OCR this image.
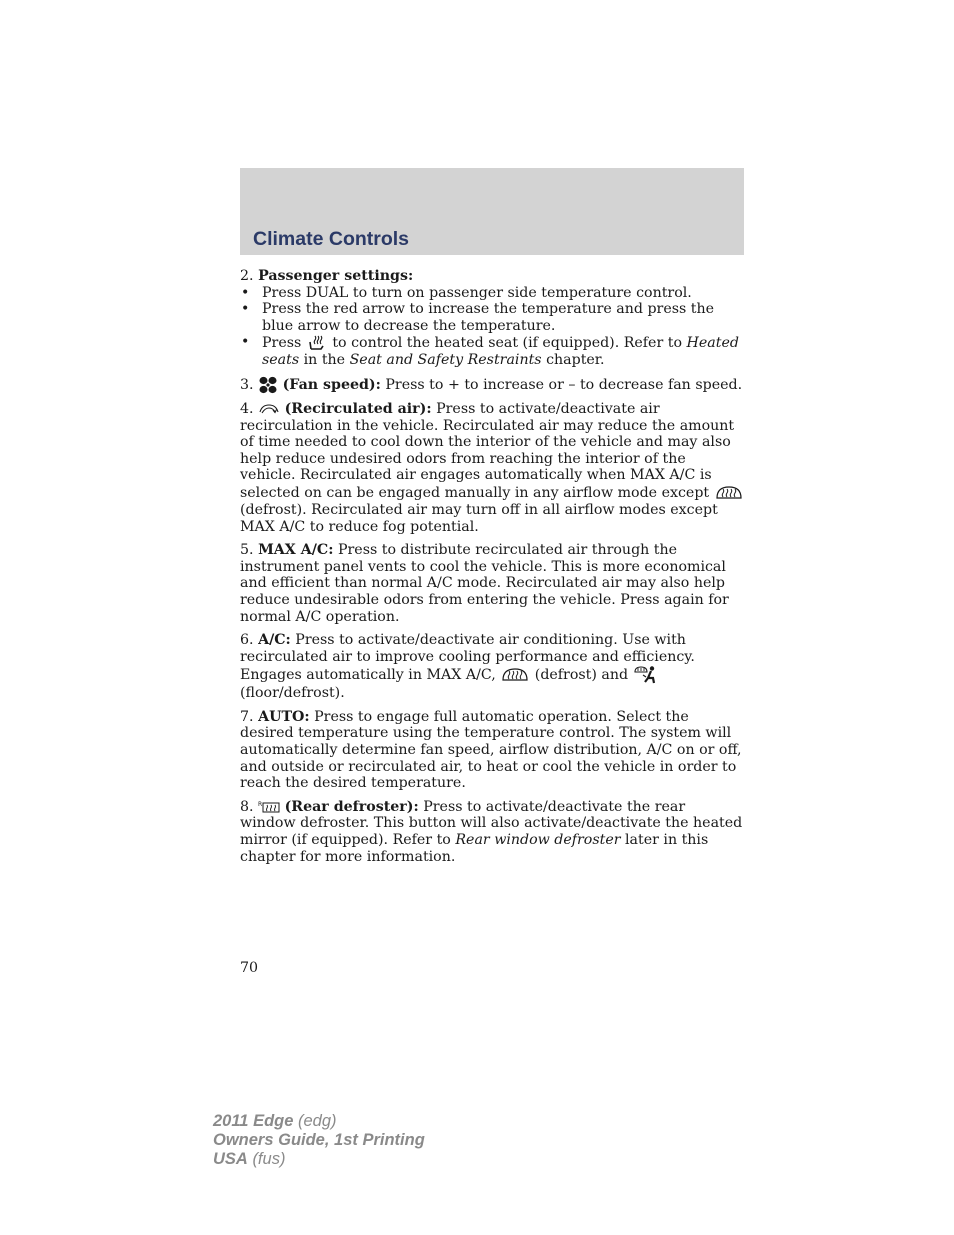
Climate Controls

2. Passenger settings:

• Press DUAL to turn on passenger side temperature control.
• Press the red arrow to increase the temperature and press the blue arrow to decrease the temperature.
• Press to control the heated seat (if equipped). Refer to Heated seats in the Seat and Safety Restraints chapter.

3. (Fan speed): Press to + to increase or – to decrease fan speed.

4. (Recirculated air): Press to activate/deactivate air recirculation in the vehicle. Recirculated air may reduce the amount of time needed to cool down the interior of the vehicle and may also help reduce undesired odors from reaching the interior of the vehicle. Recirculated air engages automatically when MAX A/C is selected on can be engaged manually in any airflow mode except
(defrost). Recirculated air may turn off in all airflow modes except MAX A/C to reduce fog potential.

5. MAX A/C: Press to distribute recirculated air through the instrument panel vents to cool the vehicle. This is more economical and efficient than normal A/C mode. Recirculated air may also help reduce undesirable odors from entering the vehicle. Press again for normal A/C operation.

6. A/C: Press to activate/deactivate air conditioning. Use with recirculated air to improve cooling performance and efficiency. Engages automatically in MAX A/C,	(defrost) and
(floor/defrost).

7. AUTO: Press to engage full automatic operation. Select the desired temperature using the temperature control. The system will automatically determine fan speed, airflow distribution, A/C on or off, and outside or recirculated air, to heat or cool the vehicle in order to reach the desired temperature.

8. R (Rear defroster): Press to activate/deactivate the rear window defroster. This button will also activate/deactivate the heated mirror (if equipped). Refer to Rear window defroster later in this chapter for more information.

70
2011 Edge (edg)
Owners Guide, 1st Printing
USA (fus)
